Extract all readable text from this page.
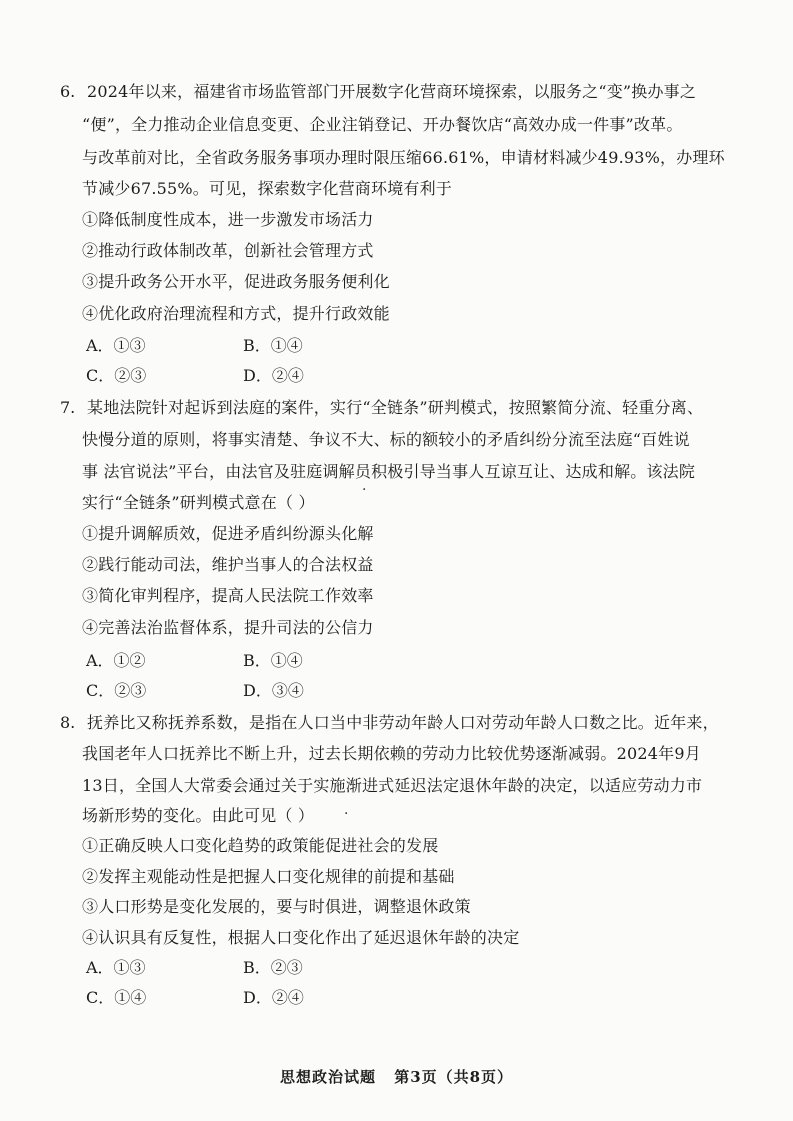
6. 2024年以来，福建省市场监管部门开展数字化营商环境探索，以服务之“变”换办事之
“便”，全力推动企业信息变更、企业注销登记、开办餐饮店“高效办成一件事”改革。
与改革前对比，全省政务服务事项办理时限压缩66.61%，申请材料减少49.93%，办理环
节减少67.55%。可见，探索数字化营商环境有利于
①降低制度性成本，进一步激发市场活力
②推动行政体制改革，创新社会管理方式
③提升政务公开水平，促进政务服务便利化
④优化政府治理流程和方式，提升行政效能
A．①③	B．①④
C．②③	D．②④
7. 某地法院针对起诉到法庭的案件，实行“全链条”研判模式，按照繁简分流、轻重分离、
快慢分道的原则，将事实清楚、争议不大、标的额较小的矛盾纠纷分流至法庭“百姓说
事 法官说法”平台，由法官及驻庭调解员积极引导当事人互谅互让、达成和解。该法院
实行“全链条”研判模式意在（ ）
①提升调解质效，促进矛盾纠纷源头化解
②践行能动司法，维护当事人的合法权益
③简化审判程序，提高人民法院工作效率
④完善法治监督体系，提升司法的公信力
A．①②	B．①④
C．②③	D．③④
8. 抚养比又称抚养系数，是指在人口当中非劳动年龄人口对劳动年龄人口数之比。近年来，
我国老年人口抚养比不断上升，过去长期依赖的劳动力比较优势逐渐减弱。2024年9月
13日，全国人大常委会通过关于实施渐进式延迟法定退休年龄的决定，以适应劳动力市
场新形势的变化。由此可见（ ）
①正确反映人口变化趋势的政策能促进社会的发展
②发挥主观能动性是把握人口变化规律的前提和基础
③人口形势是变化发展的，要与时俱进，调整退休政策
④认识具有反复性，根据人口变化作出了延迟退休年龄的决定
A．①③	B．②③
C．①④	D．②④
·
·
思想政治试题 第3页（共8页）
